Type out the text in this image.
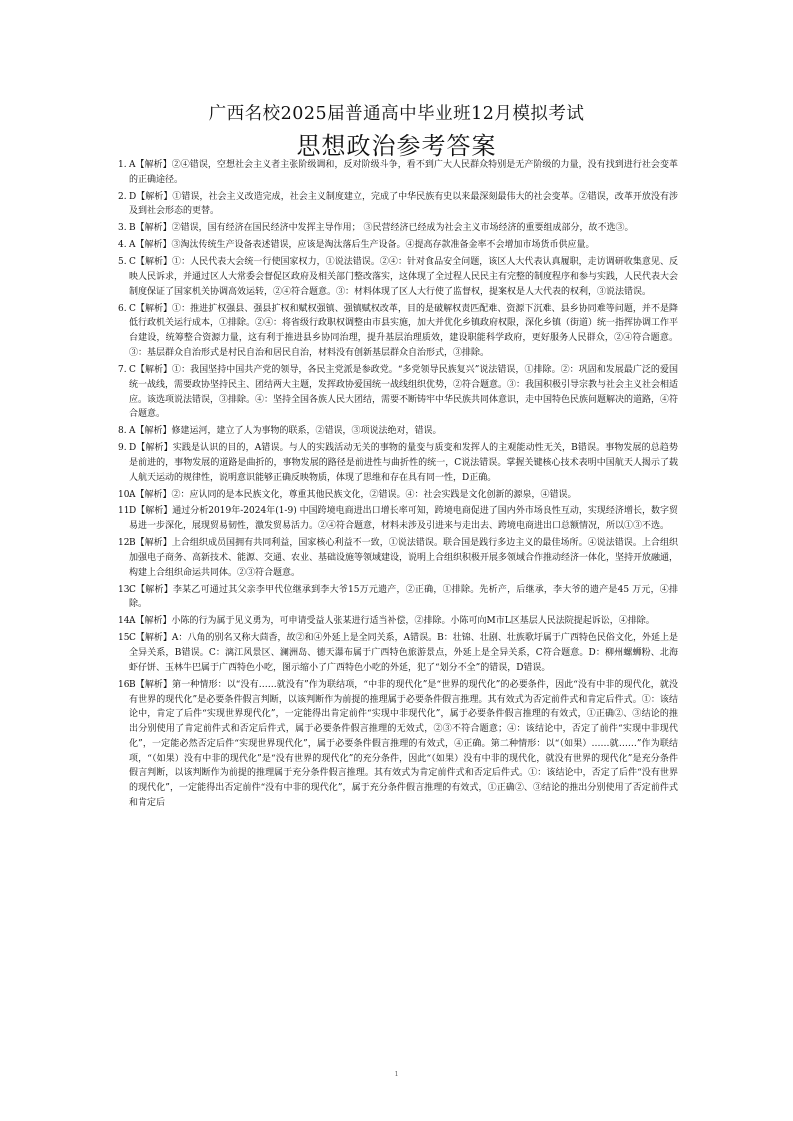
广西名校2025届普通高中毕业班12月模拟考试
思想政治参考答案
1. A【解析】②④错误，空想社会主义者主张阶级调和，反对阶级斗争，看不到广大人民群众特别是无产阶级的力量，没有找到进行社会变革的正确途径。
2. D【解析】①错误，社会主义改造完成，社会主义制度建立，完成了中华民族有史以来最深刻最伟大的社会变革。②错误，改革开放没有涉及到社会形态的更替。
3. B【解析】②错误，国有经济在国民经济中发挥主导作用； ③民营经济已经成为社会主义市场经济的重要组成部分，故不选③。
4. A【解析】③淘汰传统生产设备表述错误，应该是淘汰落后生产设备。④提高存款准备金率不会增加市场货币供应量。
5. C【解析】①：人民代表大会统一行使国家权力，①说法错误。②④：针对食品安全问题，该区人大代表认真履职，走访调研收集意见、反映人民诉求，并通过区人大常委会督促区政府及相关部门整改落实，这体现了全过程人民民主有完整的制度程序和参与实践，人民代表大会制度保证了国家机关协调高效运转，②④符合题意。③：材料体现了区人大行使了监督权，提案权是人大代表的权利，③说法错误。
6. C【解析】①：推进扩权强县、强县扩权和赋权强镇、强镇赋权改革，目的是破解权责匹配难、资源下沉难、县乡协同难等问题，并不是降低行政机关运行成本，①排除。②④：将省级行政职权调整由市县实施，加大并优化乡镇政府权限，深化乡镇（街道）统一指挥协调工作平台建设，统筹整合资源力量，这有利于推进县乡协同治理，提升基层治理质效，建设职能科学政府，更好服务人民群众，②④符合题意。③：基层群众自治形式是村民自治和居民自治，材料没有创新基层群众自治形式，③排除。
7. C【解析】①：我国坚持中国共产党的领导，各民主党派是参政党。“多党领导民族复兴”说法错误，①排除。②：巩固和发展最广泛的爱国统一战线，需要政协坚持民主、团结两大主题，发挥政协爱国统一战线组织优势，②符合题意。③：我国积极引导宗教与社会主义社会相适应。该选项说法错误，③排除。④：坚持全国各族人民大团结，需要不断铸牢中华民族共同体意识，走中国特色民族问题解决的道路，④符合题意。
8. A【解析】修建运河，建立了人为事物的联系，②错误，③项说法绝对，错误。
9. D【解析】实践是认识的目的，A错误。与人的实践活动无关的事物的量变与质变和发挥人的主观能动性无关，B错误。事物发展的总趋势是前进的，事物发展的道路是曲折的，事物发展的路径是前进性与曲折性的统一，C说法错误。掌握关键核心技术表明中国航天人揭示了载人航天运动的规律性，说明意识能够正确反映物质，体现了思维和存在具有同一性，D正确。
10.
A【解析】②：应认同的是本民族文化，尊重其他民族文化，②错误。④：社会实践是文化创新的源泉，④错误。
11.
D【解析】通过分析2019年-2024年(1-9) 中国跨境电商进出口增长率可知，跨境电商促进了国内外市场良性互动，实现经济增长，数字贸易进一步深化，展现贸易韧性，激发贸易活力。②④符合题意，材料未涉及引进来与走出去、跨境电商进出口总额情况，所以①③不选。
12.
B【解析】上合组织成员国拥有共同利益，国家核心利益不一致，①说法错误。联合国是践行多边主义的最佳场所。④说法错误。上合组织加强电子商务、高新技术、能源、交通、农业、基础设施等领域建设，说明上合组织积极开展多领域合作推动经济一体化，坚持开放融通，构建上合组织命运共同体。②③符合题意。
13.
C【解析】李某乙可通过其父亲李甲代位继承到李大爷15万元遗产，②正确，①排除。先析产，后继承，李大爷的遗产是45 万元，④排除。
14.
A【解析】小陈的行为属于见义勇为，可申请受益人张某进行适当补偿，②排除。小陈可向M市L区基层人民法院提起诉讼，④排除。
15.
C【解析】A：八角的别名又称大茴香，故②和④外延上是全同关系，A错误。B：壮锦、壮剧、壮族歌圩属于广西特色民俗文化，外延上是全异关系，B错误。C：漓江风景区、澜洲岛、德天瀑布属于广西特色旅游景点，外延上是全异关系，C符合题意。D：柳州螺蛳粉、北海虾仔饼、玉林牛巴属于广西特色小吃，图示缩小了广西特色小吃的外延，犯了“划分不全”的错误，D错误。
16.
B【解析】第一种情形：以“没有……就没有”作为联结项，“中非的现代化”是“世界的现代化”的必要条件，因此“没有中非的现代化，就没有世界的现代化”是必要条件假言判断，以该判断作为前提的推理属于必要条件假言推理。其有效式为否定前件式和肯定后件式。①：该结论中，肯定了后件“实现世界现代化”，一定能得出肯定前件“实现中非现代化”，属于必要条件假言推理的有效式，①正确②、③结论的推出分别使用了肯定前件式和否定后件式，属于必要条件假言推理的无效式，②③不符合题意；④：该结论中，否定了前件“实现中非现代化”，一定能必然否定后件“实现世界现代化”，属于必要条件假言推理的有效式，④正确。第二种情形：以“（如果）……就……”作为联结项，“（如果）没有中非的现代化”是“没有世界的现代化”的充分条件，因此“（如果）没有中非的现代化，就没有世界的现代化”是充分条件假言判断，以该判断作为前提的推理属于充分条件假言推理。其有效式为肯定前件式和否定后件式。①：该结论中，否定了后件“没有世界的现代化”，一定能得出否定前件“没有中非的现代化”，属于充分条件假言推理的有效式，①正确②、③结论的推出分别使用了否定前件式和肯定后
1
